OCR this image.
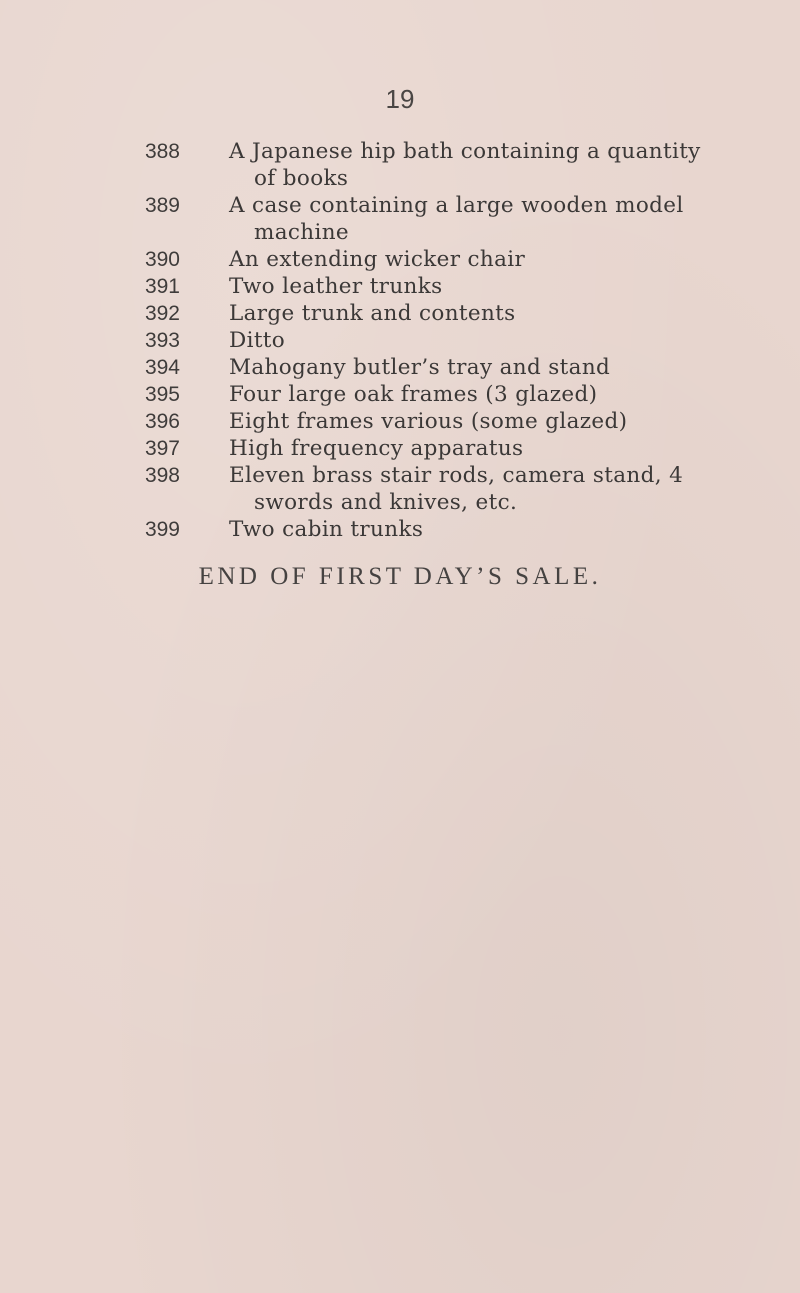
19
388 A Japanese hip bath containing a quantity
of books
389 A case containing a large wooden model
machine
390 An extending wicker chair
391 Two leather trunks
392 Large trunk and contents
393 Ditto
394 Mahogany butler’s tray and stand
395 Four large oak frames (3 glazed)
396 Eight frames various (some glazed)
397 High frequency apparatus
398 Eleven brass stair rods, camera stand, 4
swords and knives, etc.
399 Two cabin trunks
END OF FIRST DAY’S SALE.
